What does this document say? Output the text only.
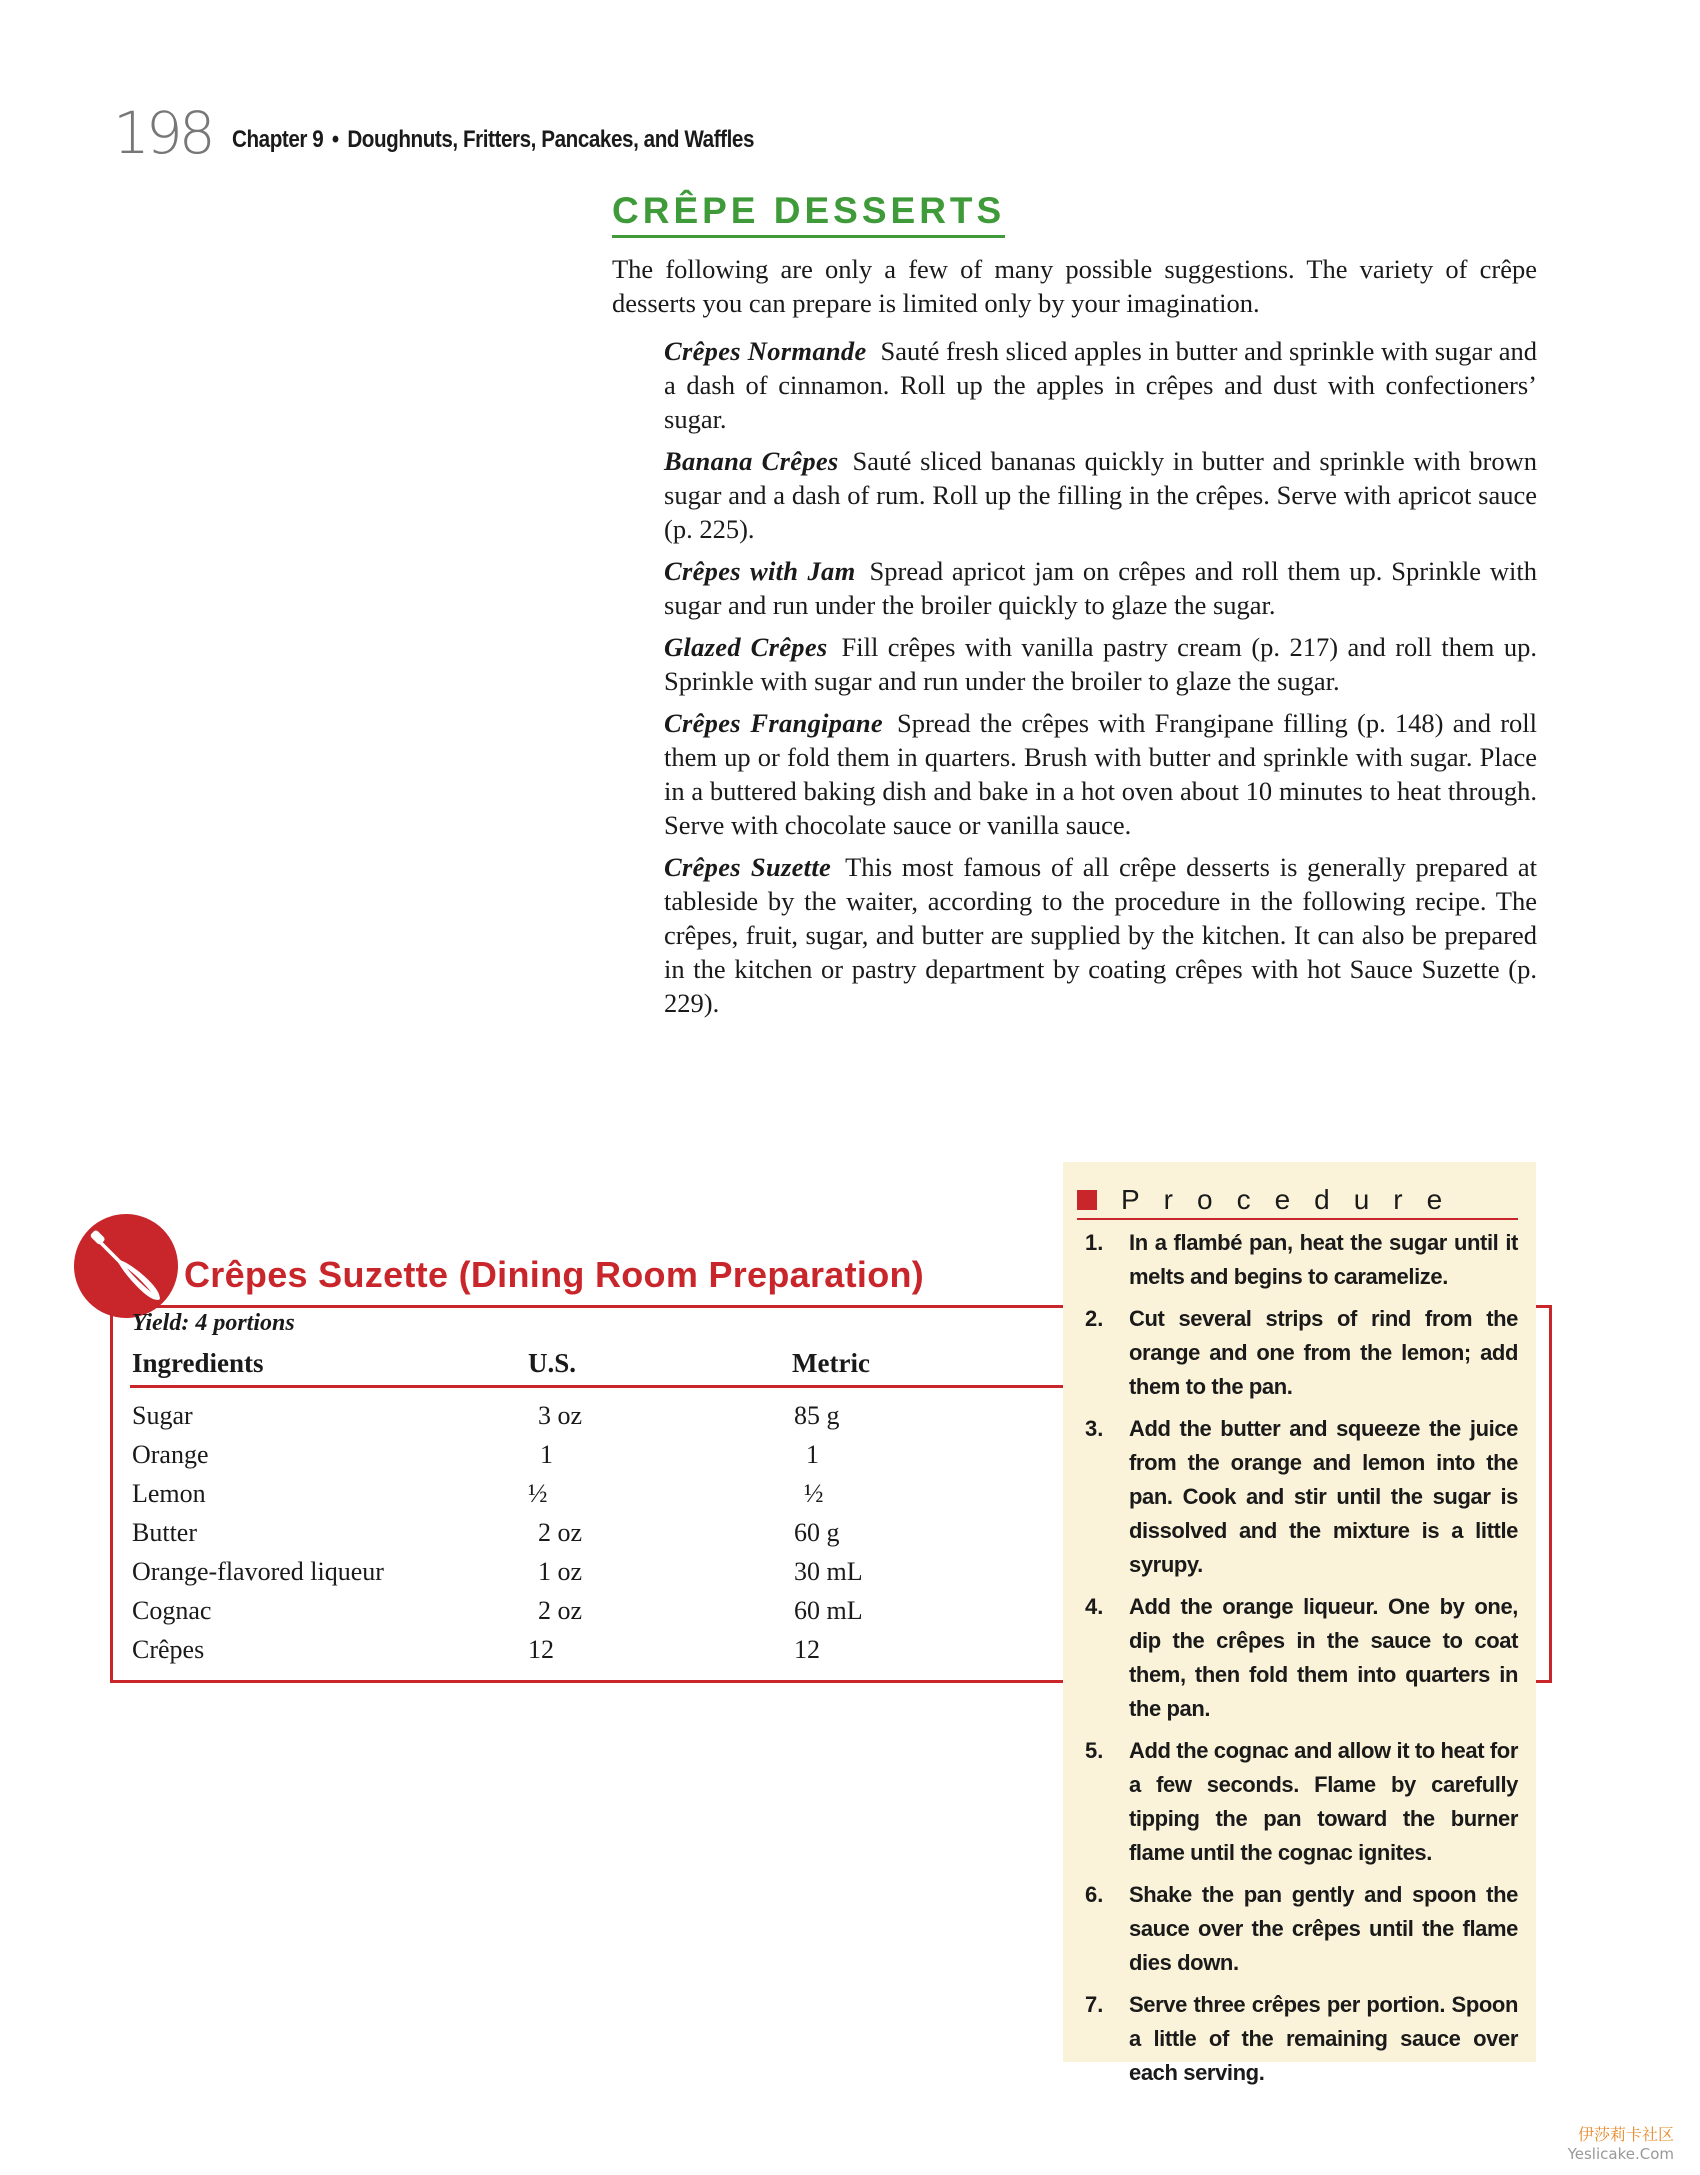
198 Chapter 9 • Doughnuts, Fritters, Pancakes, and Waffles
CRÊPE DESSERTS

The following are only a few of many possible suggestions. The variety of crêpe desserts you can prepare is limited only by your imagination.

Crêpes Normande Sauté fresh sliced apples in butter and sprinkle with sugar and a dash of cinnamon. Roll up the apples in crêpes and dust with confectioners’ sugar.

Banana Crêpes Sauté sliced bananas quickly in butter and sprinkle with brown sugar and a dash of rum. Roll up the filling in the crêpes. Serve with apricot sauce (p. 225).

Crêpes with Jam Spread apricot jam on crêpes and roll them up. Sprinkle with sugar and run under the broiler quickly to glaze the sugar.

Glazed Crêpes Fill crêpes with vanilla pastry cream (p. 217) and roll them up. Sprinkle with sugar and run under the broiler to glaze the sugar.

Crêpes Frangipane Spread the crêpes with Frangipane filling (p. 148) and roll them up or fold them in quarters. Brush with butter and sprinkle with sugar. Place in a buttered baking dish and bake in a hot oven about 10 minutes to heat through. Serve with chocolate sauce or vanilla sauce.

Crêpes Suzette This most famous of all crêpe desserts is generally prepared at tableside by the waiter, according to the procedure in the following recipe. The crêpes, fruit, sugar, and butter are supplied by the kitchen. It can also be prepared in the kitchen or pastry department by coating crêpes with hot Sauce Suzette (p. 229).

Crêpes Suzette (Dining Room Preparation)
Yield: 4 portions
Ingredients	U.S.	Metric
Sugar	3 oz	85 g
Orange	1	1
Lemon	½	½
Butter	2 oz	60 g
Orange-flavored liqueur	1 oz	30 mL
Cognac	2 oz	60 mL
Crêpes	12	12
Procedure
1.	In a flambé pan, heat the sugar until it melts and begins to caramelize.
2.	Cut several strips of rind from the orange and one from the lemon; add them to the pan.
3.	Add the butter and squeeze the juice from the orange and lemon into the pan. Cook and stir until the sugar is dissolved and the mixture is a little syrupy.
4.	Add the orange liqueur. One by one, dip the crêpes in the sauce to coat them, then fold them into quarters in the pan.
5.	Add the cognac and allow it to heat for a few seconds. Flame by carefully tipping the pan toward the burner flame until the cognac ignites.
6.	Shake the pan gently and spoon the sauce over the crêpes until the flame dies down.
7.	Serve three crêpes per portion. Spoon a little of the remaining sauce over each serving.
伊莎莉卡社区
Yeslicake.Com
